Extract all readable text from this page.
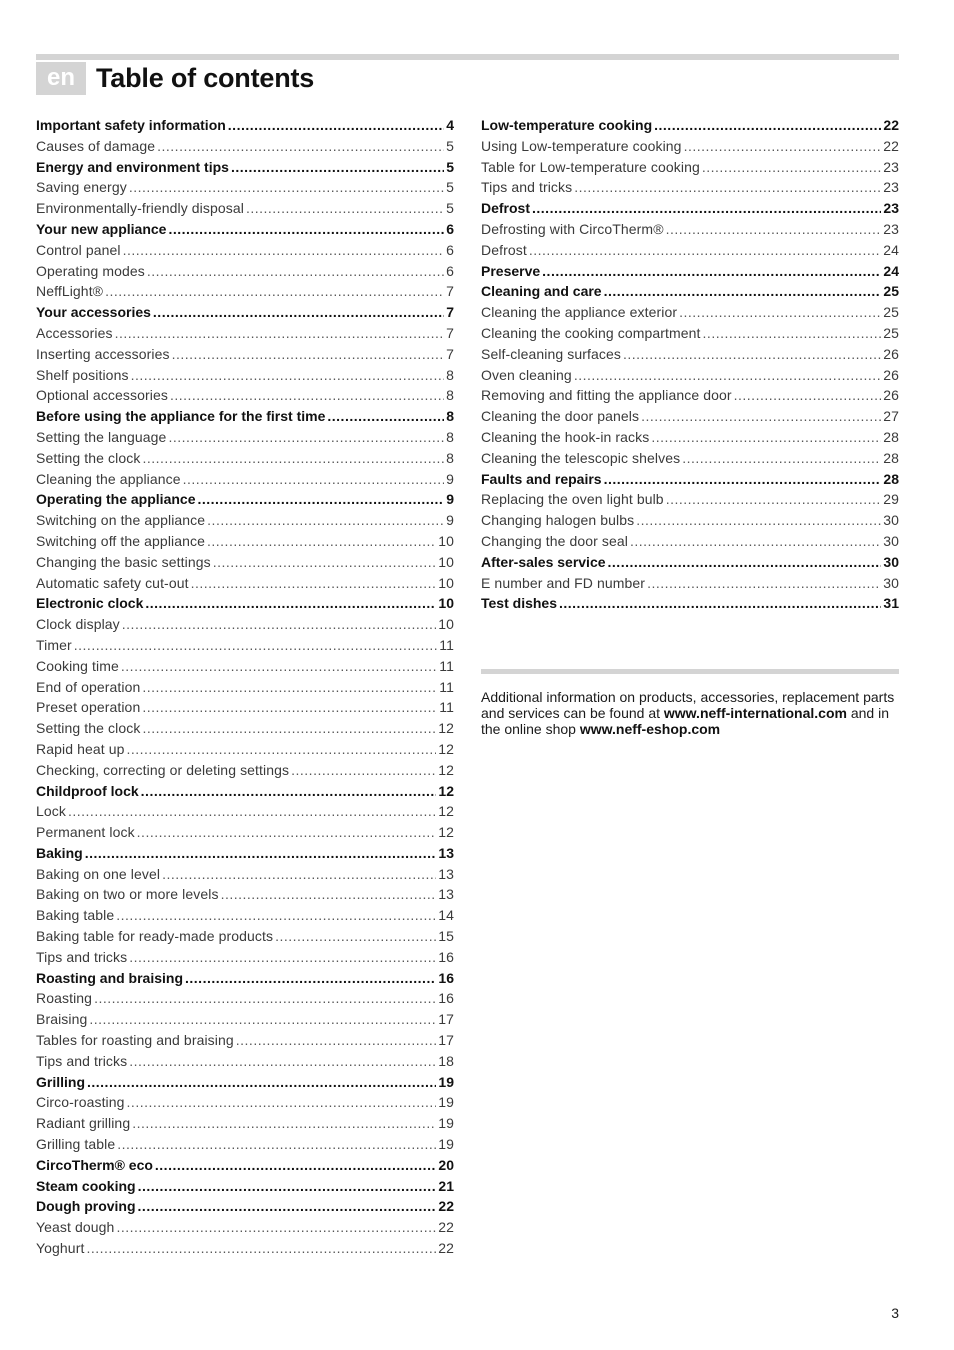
en Table of contents
Important safety information .....	4
Causes of damage .....	5
Energy and environment tips .....	5
Saving energy .....	5
Environmentally-friendly disposal .....	5
Your new appliance .....	6
Control panel .....	6
Operating modes .....	6
NeffLight® .....	7
Your accessories .....	7
Accessories .....	7
Inserting accessories .....	7
Shelf positions .....	8
Optional accessories .....	8
Before using the appliance for the first time .....	8
Setting the language .....	8
Setting the clock .....	8
Cleaning the appliance .....	9
Operating the appliance .....	9
Switching on the appliance .....	9
Switching off the appliance .....	10
Changing the basic settings .....	10
Automatic safety cut-out .....	10
Electronic clock .....	10
Clock display .....	10
Timer .....	11
Cooking time .....	11
End of operation .....	11
Preset operation .....	11
Setting the clock .....	12
Rapid heat up .....	12
Checking, correcting or deleting settings .....	12
Childproof lock .....	12
Lock .....	12
Permanent lock .....	12
Baking .....	13
Baking on one level .....	13
Baking on two or more levels .....	13
Baking table .....	14
Baking table for ready-made products .....	15
Tips and tricks .....	16
Roasting and braising .....	16
Roasting .....	16
Braising .....	17
Tables for roasting and braising .....	17
Tips and tricks .....	18
Grilling .....	19
Circo-roasting .....	19
Radiant grilling .....	19
Grilling table .....	19
CircoTherm® eco .....	20
Steam cooking .....	21
Dough proving .....	22
Yeast dough .....	22
Yoghurt .....	22
Low-temperature cooking .....	22
Using Low-temperature cooking .....	22
Table for Low-temperature cooking .....	23
Tips and tricks .....	23
Defrost .....	23
Defrosting with CircoTherm® .....	23
Defrost .....	24
Preserve .....	24
Cleaning and care .....	25
Cleaning the appliance exterior .....	25
Cleaning the cooking compartment .....	25
Self-cleaning surfaces .....	26
Oven cleaning .....	26
Removing and fitting the appliance door .....	26
Cleaning the door panels .....	27
Cleaning the hook-in racks .....	28
Cleaning the telescopic shelves .....	28
Faults and repairs .....	28
Replacing the oven light bulb .....	29
Changing halogen bulbs .....	30
Changing the door seal .....	30
After-sales service .....	30
E number and FD number .....	30
Test dishes .....	31

Additional information on products, accessories, replacement parts and services can be found at www.neff-international.com and in the online shop www.neff-eshop.com

3
